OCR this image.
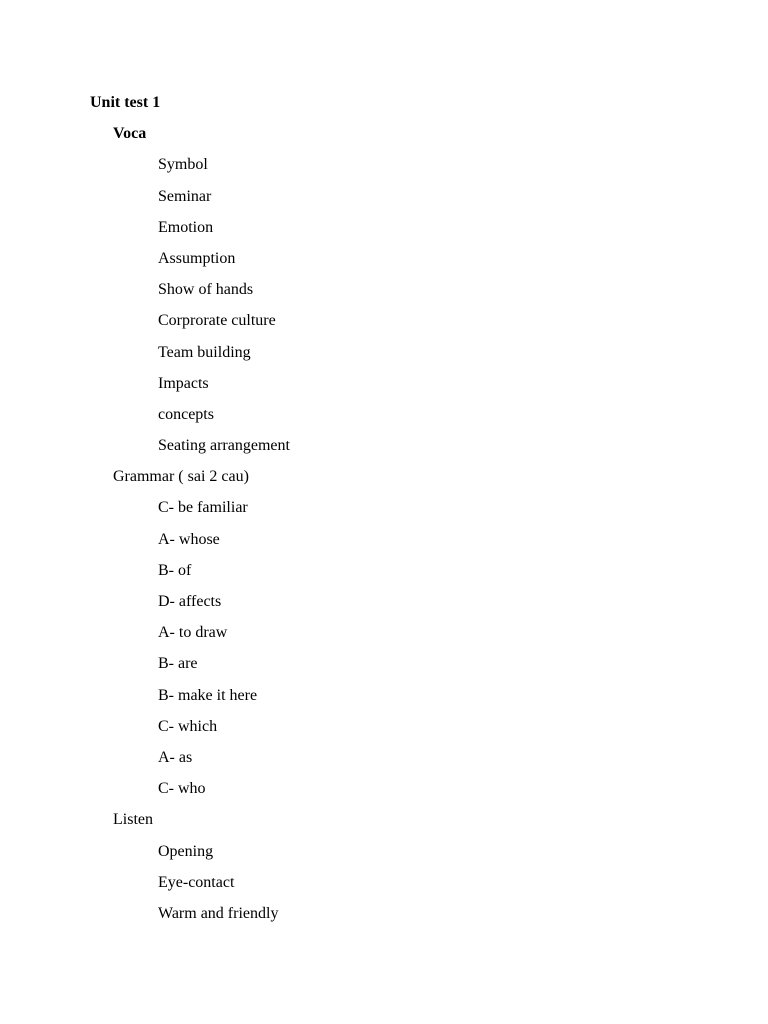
Unit test 1
Voca
Symbol
Seminar
Emotion
Assumption
Show of hands
Corprorate culture
Team building
Impacts
concepts
Seating arrangement
Grammar ( sai 2 cau)
C- be familiar
A- whose
B- of
D- affects
A- to draw
B- are
B- make it here
C- which
A- as
C- who
Listen
Opening
Eye-contact
Warm and friendly
